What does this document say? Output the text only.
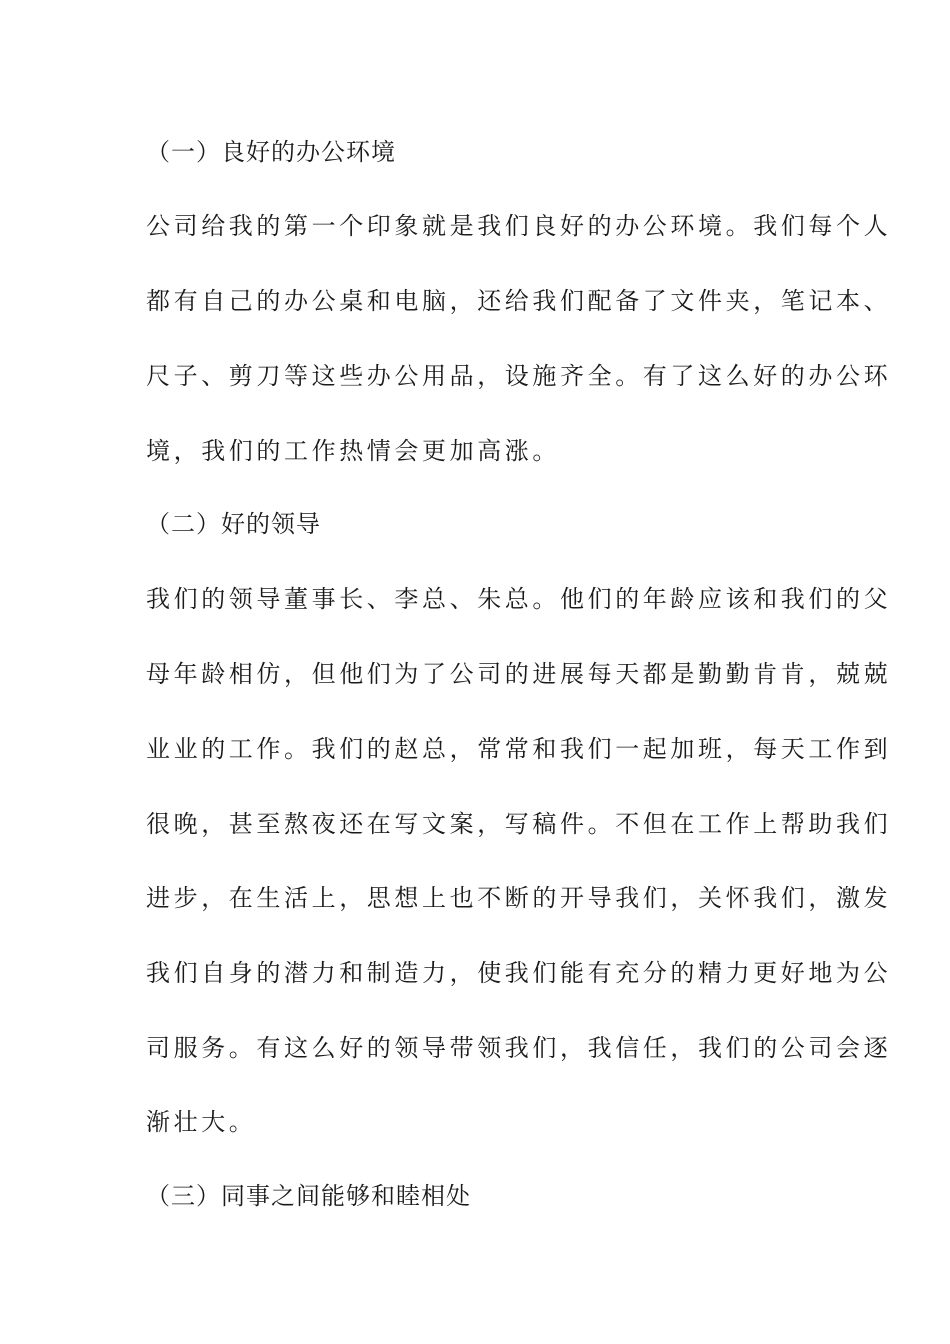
（一）良好的办公环境
公司给我的第一个印象就是我们良好的办公环境。我们每个人
都有自己的办公桌和电脑，还给我们配备了文件夹，笔记本、
尺子、剪刀等这些办公用品，设施齐全。有了这么好的办公环
境，我们的工作热情会更加高涨。
（二）好的领导
我们的领导董事长、李总、朱总。他们的年龄应该和我们的父
母年龄相仿，但他们为了公司的进展每天都是勤勤肯肯，兢兢
业业的工作。我们的赵总，常常和我们一起加班，每天工作到
很晚，甚至熬夜还在写文案，写稿件。不但在工作上帮助我们
进步，在生活上，思想上也不断的开导我们，关怀我们，激发
我们自身的潜力和制造力，使我们能有充分的精力更好地为公
司服务。有这么好的领导带领我们，我信任，我们的公司会逐
渐壮大。
（三）同事之间能够和睦相处
